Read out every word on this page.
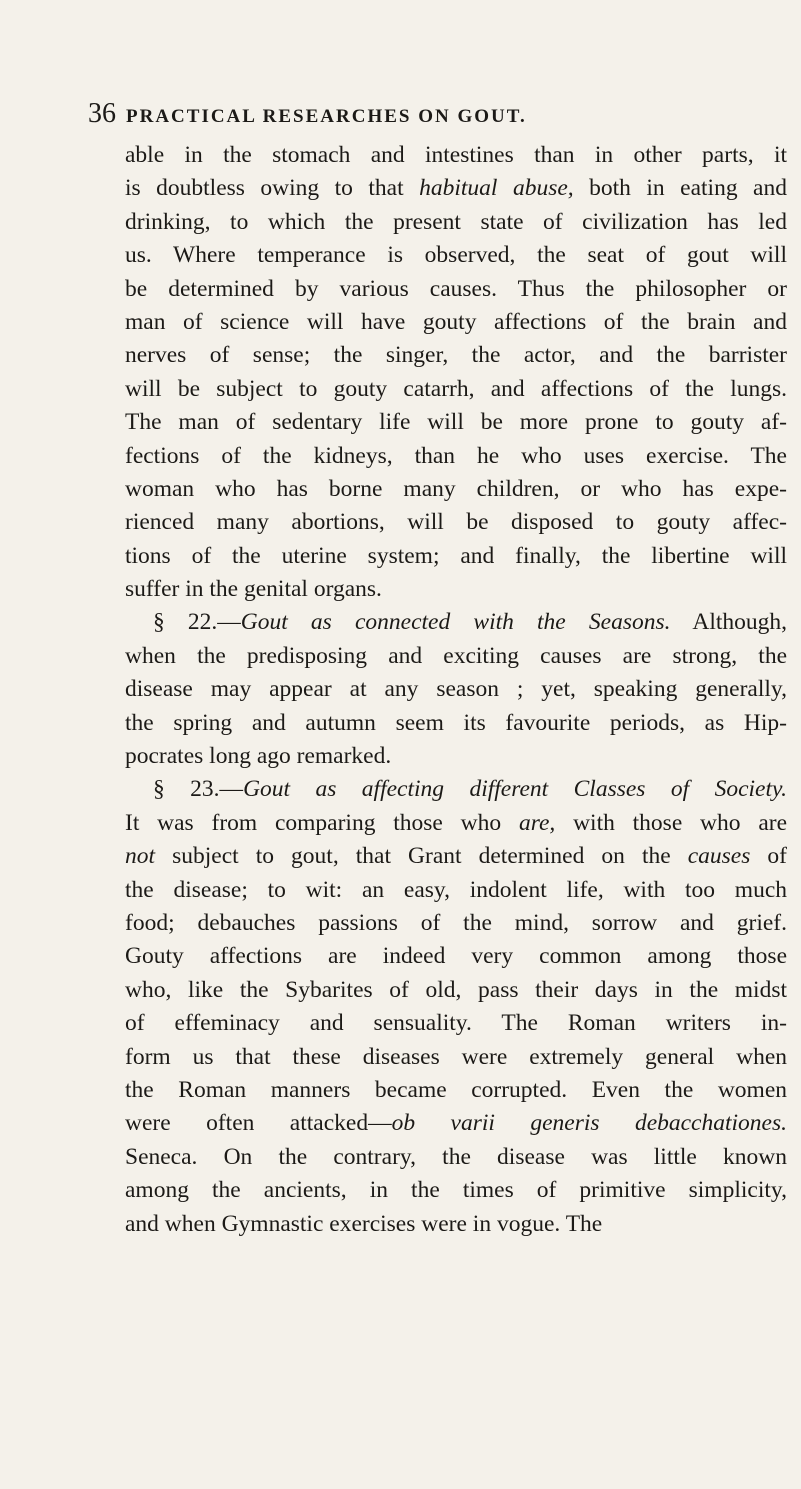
36 PRACTICAL RESEARCHES ON GOUT.
able in the stomach and intestines than in other parts, it
is doubtless owing to that habitual abuse, both in eating and
drinking, to which the present state of civilization has led
us. Where temperance is observed, the seat of gout will
be determined by various causes. Thus the philosopher or
man of science will have gouty affections of the brain and
nerves of sense; the singer, the actor, and the barrister
will be subject to gouty catarrh, and affections of the lungs.
The man of sedentary life will be more prone to gouty af-
fections of the kidneys, than he who uses exercise. The
woman who has borne many children, or who has expe-
rienced many abortions, will be disposed to gouty affec-
tions of the uterine system; and finally, the libertine will
suffer in the genital organs.
§ 22.—Gout as connected with the Seasons. Although,
when the predisposing and exciting causes are strong, the
disease may appear at any season ; yet, speaking generally,
the spring and autumn seem its favourite periods, as Hip-
pocrates long ago remarked.
§ 23.—Gout as affecting different Classes of Society.
It was from comparing those who are, with those who are
not subject to gout, that Grant determined on the causes of
the disease; to wit: an easy, indolent life, with too much
food; debauches passions of the mind, sorrow and grief.
Gouty affections are indeed very common among those
who, like the Sybarites of old, pass their days in the midst
of effeminacy and sensuality. The Roman writers in-
form us that these diseases were extremely general when
the Roman manners became corrupted. Even the women
were often attacked—ob varii generis debacchationes.
Seneca. On the contrary, the disease was little known
among the ancients, in the times of primitive simplicity,
and when Gymnastic exercises were in vogue. The
